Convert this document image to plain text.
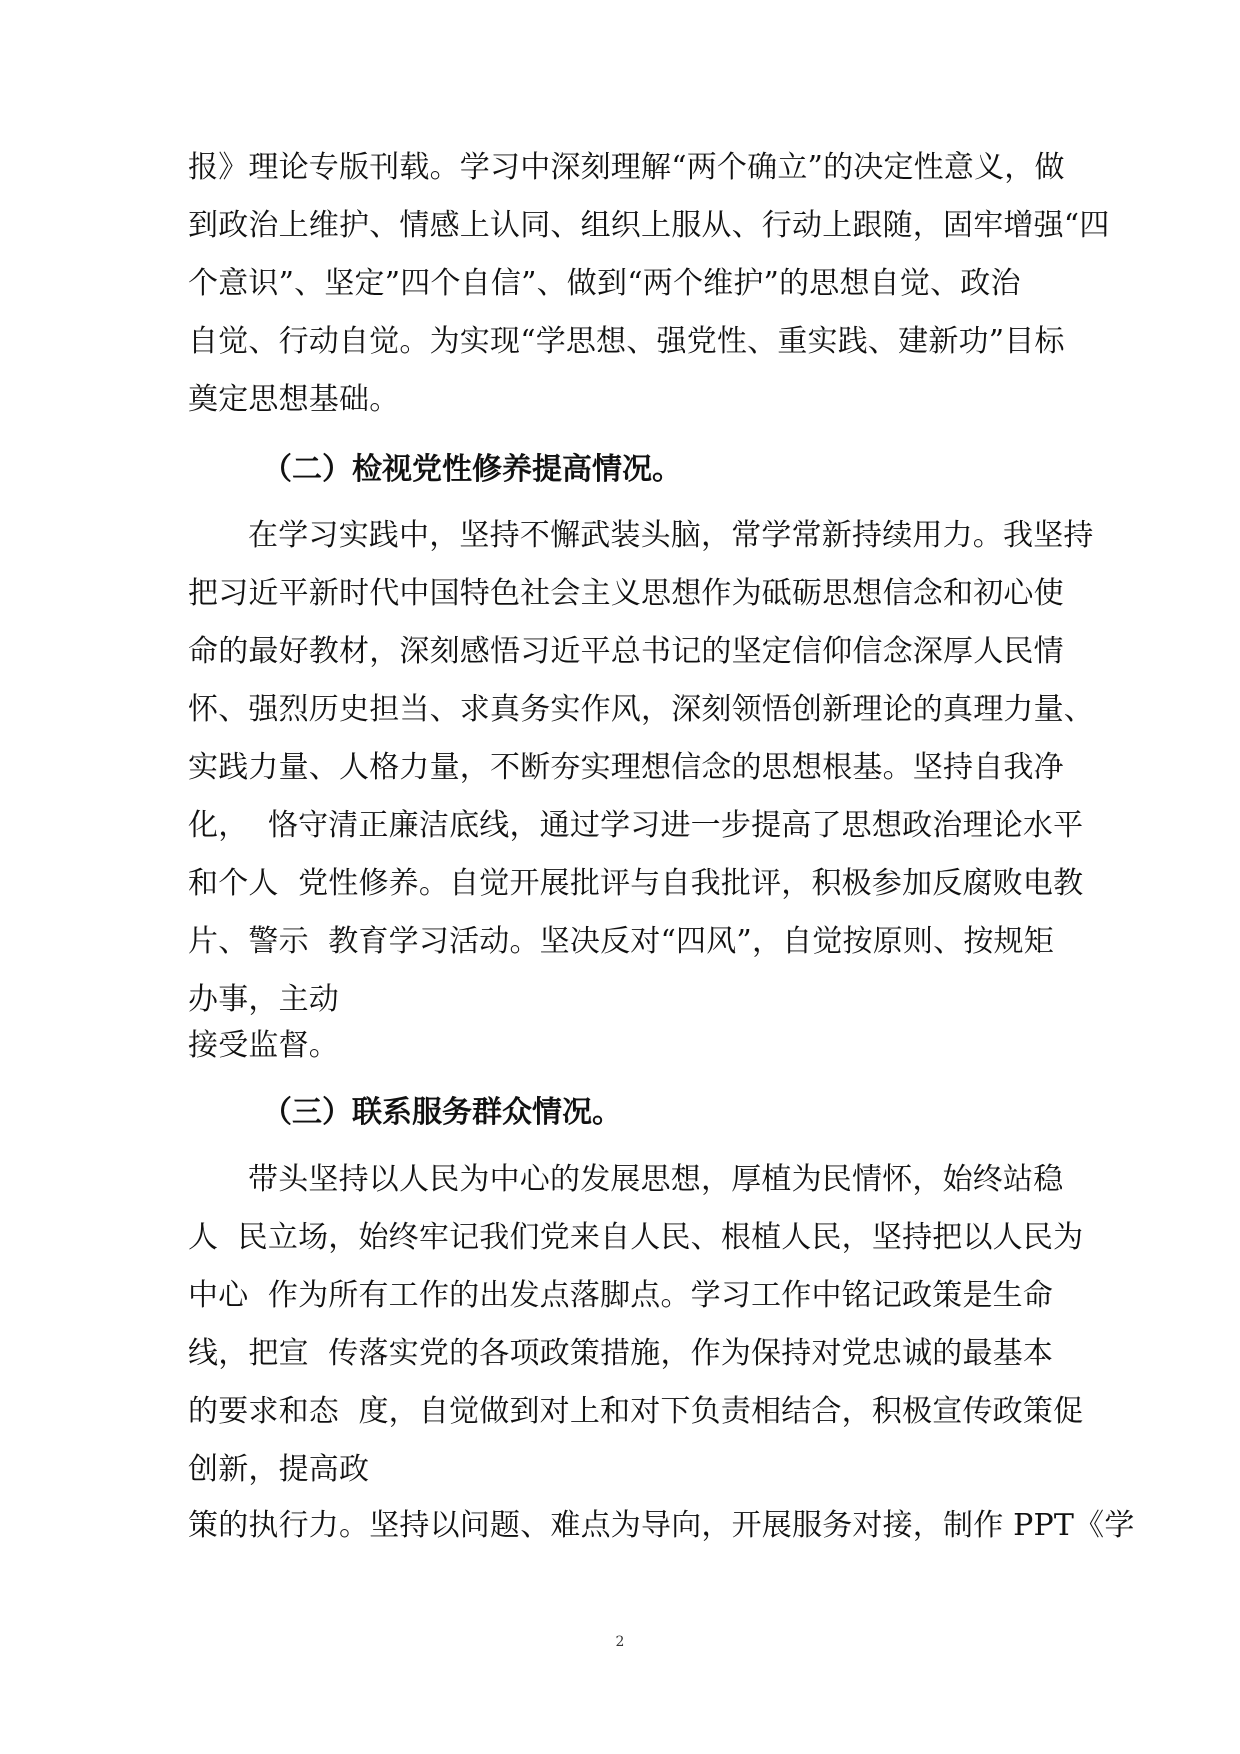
报》理论专版刊载。学习中深刻理解“两个确立”的决定性意义，做
到政治上维护、情感上认同、组织上服从、行动上跟随，固牢增强“四
个意识”、坚定”四个自信”、做到“两个维护”的思想自觉、政治
自觉、行动自觉。为实现“学思想、强党性、重实践、建新功”目标
奠定思想基础。
（二）检视党性修养提高情况。
在学习实践中，坚持不懈武装头脑，常学常新持续用力。我坚持
把习近平新时代中国特色社会主义思想作为砥砺思想信念和初心使
命的最好教材，深刻感悟习近平总书记的坚定信仰信念深厚人民情
怀、强烈历史担当、求真务实作风，深刻领悟创新理论的真理力量、
实践力量、人格力量，不断夯实理想信念的思想根基。坚持自我净
化，  恪守清正廉洁底线，通过学习进一步提高了思想政治理论水平
和个人  党性修养。自觉开展批评与自我批评，积极参加反腐败电教
片、警示  教育学习活动。坚决反对“四风”，自觉按原则、按规矩
办事，主动
接受监督。
（三）联系服务群众情况。
带头坚持以人民为中心的发展思想，厚植为民情怀，始终站稳
人  民立场，始终牢记我们党来自人民、根植人民，坚持把以人民为
中心  作为所有工作的出发点落脚点。学习工作中铭记政策是生命
线，把宣  传落实党的各项政策措施，作为保持对党忠诚的最基本
的要求和态  度，自觉做到对上和对下负责相结合，积极宣传政策促
创新，提高政
策的执行力。坚持以问题、难点为导向，开展服务对接，制作 PPT《学
2
